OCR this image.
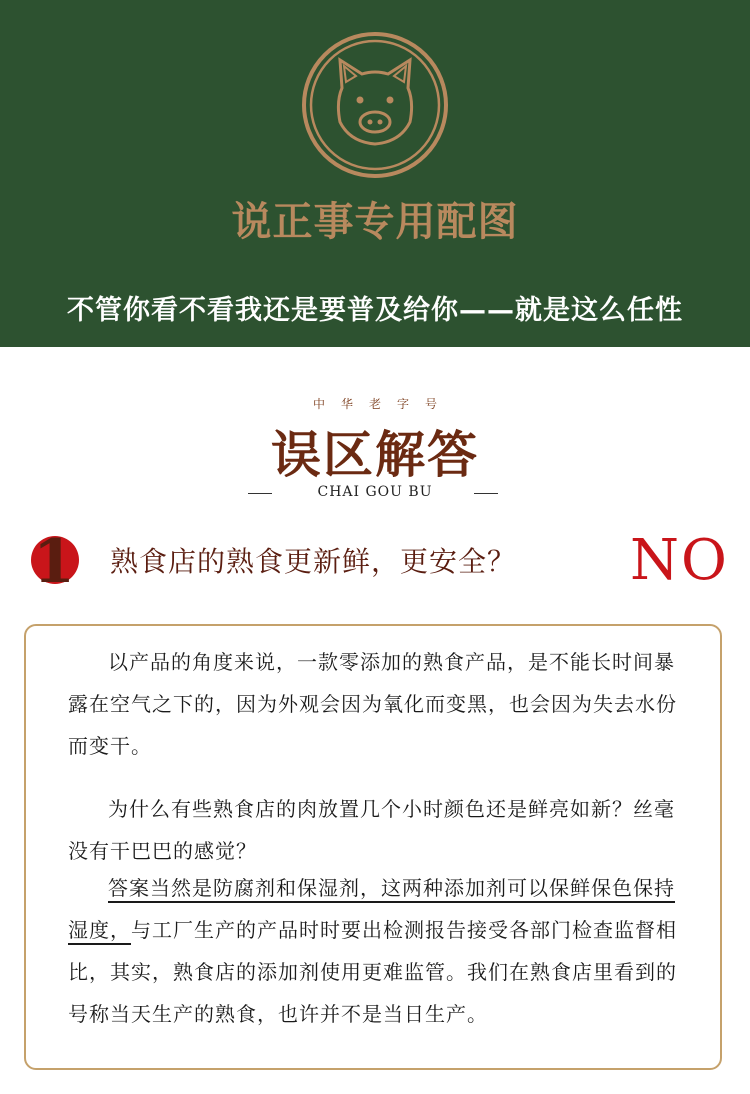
说正事专用配图
不管你看不看我还是要普及给你——就是这么任性
中华老字号
误区解答
CHAI GOU BU
1 熟食店的熟食更新鲜，更安全？ NO

以产品的角度来说，一款零添加的熟食产品，是不能长时间暴露在空气之下的，因为外观会因为氧化而变黑，也会因为失去水份而变干。

为什么有些熟食店的肉放置几个小时颜色还是鲜亮如新？丝毫没有干巴巴的感觉？

答案当然是防腐剂和保湿剂，这两种添加剂可以保鲜保色保持湿度，与工厂生产的产品时时要出检测报告接受各部门检查监督相比，其实，熟食店的添加剂使用更难监管。我们在熟食店里看到的号称当天生产的熟食，也许并不是当日生产。
